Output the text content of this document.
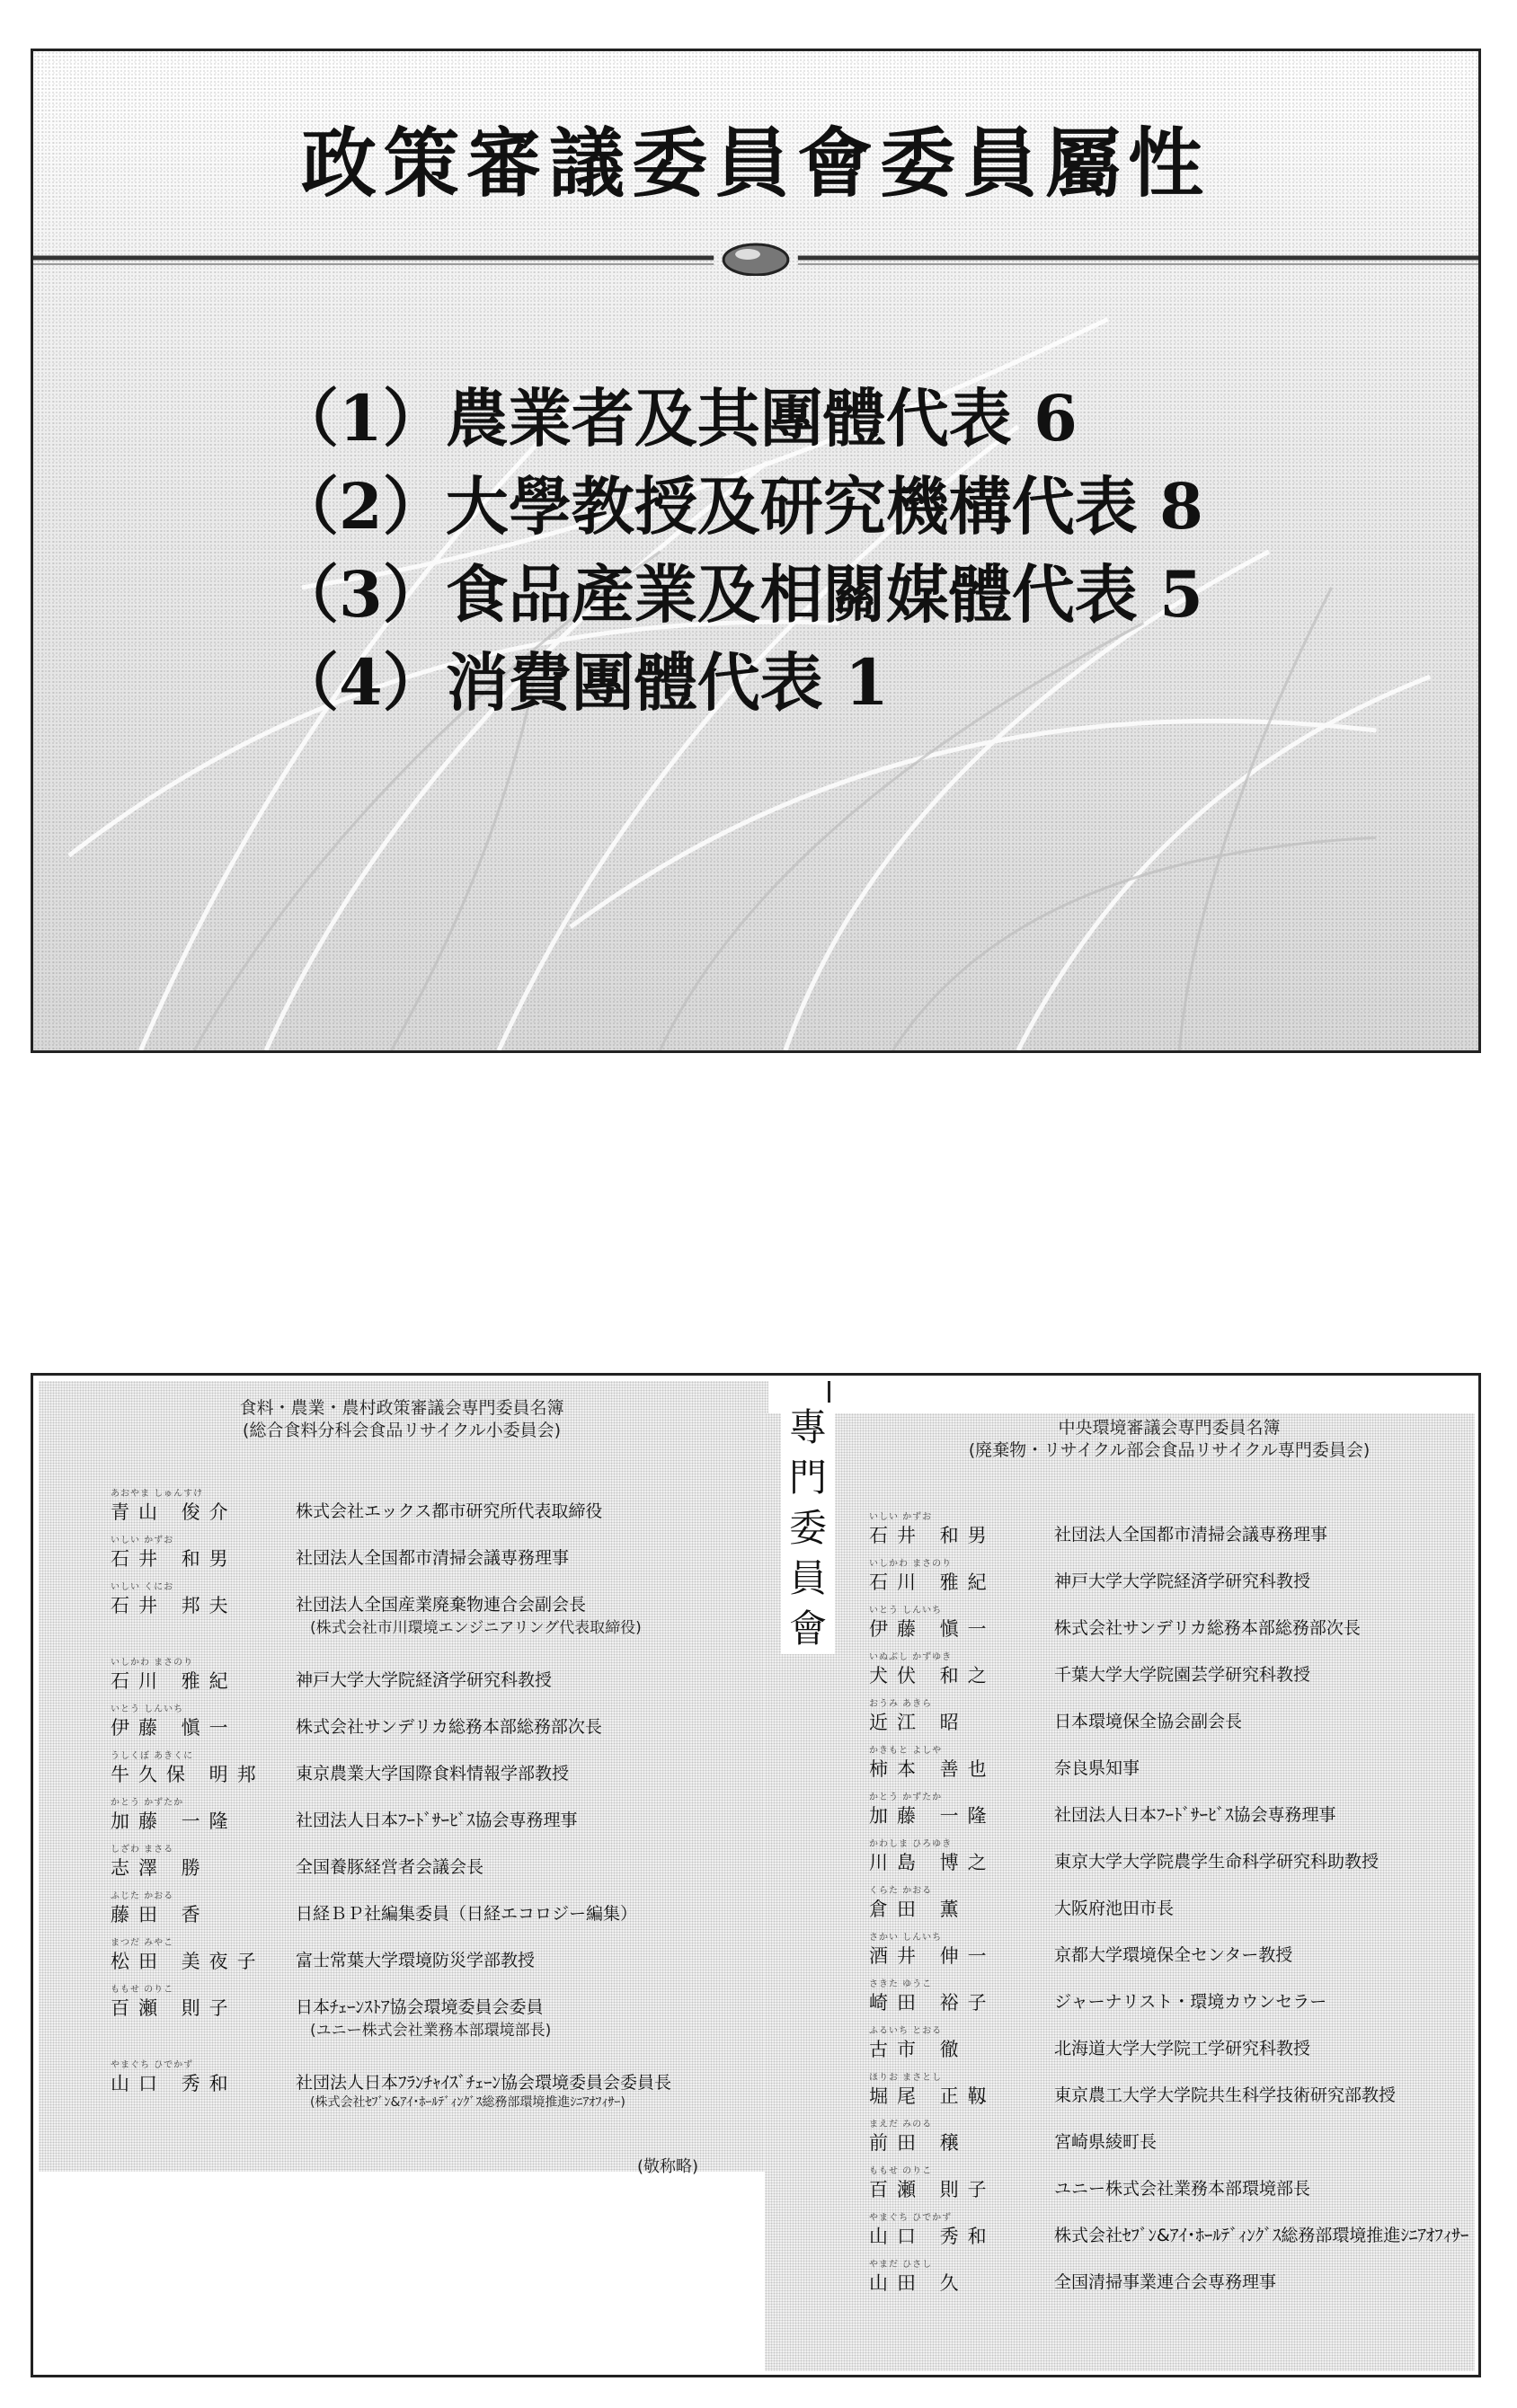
政策審議委員會委員屬性
（1）農業者及其團體代表 6
（2）大學教授及研究機構代表 8
（3）食品產業及相關媒體代表 5
（4）消費團體代表 1
專
門
委
員
會
食料・農業・農村政策審議会専門委員名簿
(総合食料分科会食品リサイクル小委員会)	中央環境審議会専門委員名簿
(廃棄物・リサイクル部会食品リサイクル専門委員会)
あおやま しゅんすけ
青山 俊介	株式会社エックス都市研究所代表取締役
いしい かずお
石井 和男	社団法人全国都市清掃会議専務理事
いしい くにお
石井 邦夫	社団法人全国産業廃棄物連合会副会長
(株式会社市川環境エンジニアリング代表取締役)
いしかわ まさのり
石川 雅紀	神戸大学大学院経済学研究科教授
いとう しんいち
伊藤 愼一	株式会社サンデリカ総務本部総務部次長
うしくぼ あきくに
牛久保 明邦 東京農業大学国際食料情報学部教授
かとう かずたか
加藤 一隆	社団法人日本ﾌｰﾄﾞｻｰﾋﾞｽ協会専務理事
しざわ まさる
志澤 勝	全国養豚経営者会議会長
ふじた かおる
藤田 香	日経ＢＰ社編集委員（日経エコロジー編集）
まつだ みやこ
松田 美夜子 富士常葉大学環境防災学部教授
ももせ のりこ
百瀬 則子	日本ﾁｪｰﾝｽﾄｱ協会環境委員会委員
(ユニー株式会社業務本部環境部長)
やまぐち ひでかず
山口 秀和	社団法人日本ﾌﾗﾝﾁｬｲｽﾞﾁｪｰﾝ協会環境委員会委員長
(株式会社ｾﾌﾞﾝ&ｱｲ･ﾎｰﾙﾃﾞｨﾝｸﾞｽ総務部環境推進ｼﾆｱｵﾌｨｻｰ)
いしい かずお
石井 和男	社団法人全国都市清掃会議専務理事
いしかわ まさのり
石川 雅紀	神戸大学大学院経済学研究科教授
いとう しんいち
伊藤 愼一	株式会社サンデリカ総務本部総務部次長
いぬぶし かずゆき
犬伏 和之	千葉大学大学院園芸学研究科教授
おうみ あきら
近江 昭	日本環境保全協会副会長
かきもと よしや
柿本 善也	奈良県知事
かとう かずたか
加藤 一隆	社団法人日本ﾌｰﾄﾞｻｰﾋﾞｽ協会専務理事
かわしま ひろゆき
川島 博之	東京大学大学院農学生命科学研究科助教授
くらた かおる
倉田 薫	大阪府池田市長
さかい しんいち
酒井 伸一	京都大学環境保全センター教授
さきた ゆうこ
崎田 裕子	ジャーナリスト・環境カウンセラー
ふるいち とおる
古市 徹	北海道大学大学院工学研究科教授
ほりお まさとし
堀尾 正靱	東京農工大学大学院共生科学技術研究部教授
まえだ みのる
前田 穣	宮崎県綾町長
ももせ のりこ
百瀬 則子	ユニー株式会社業務本部環境部長
やまぐち ひでかず
山口 秀和	株式会社ｾﾌﾞﾝ&ｱｲ･ﾎｰﾙﾃﾞｨﾝｸﾞｽ総務部環境推進ｼﾆｱｵﾌｨｻｰ
やまだ ひさし
山田 久	全国清掃事業連合会専務理事
(敬称略)
